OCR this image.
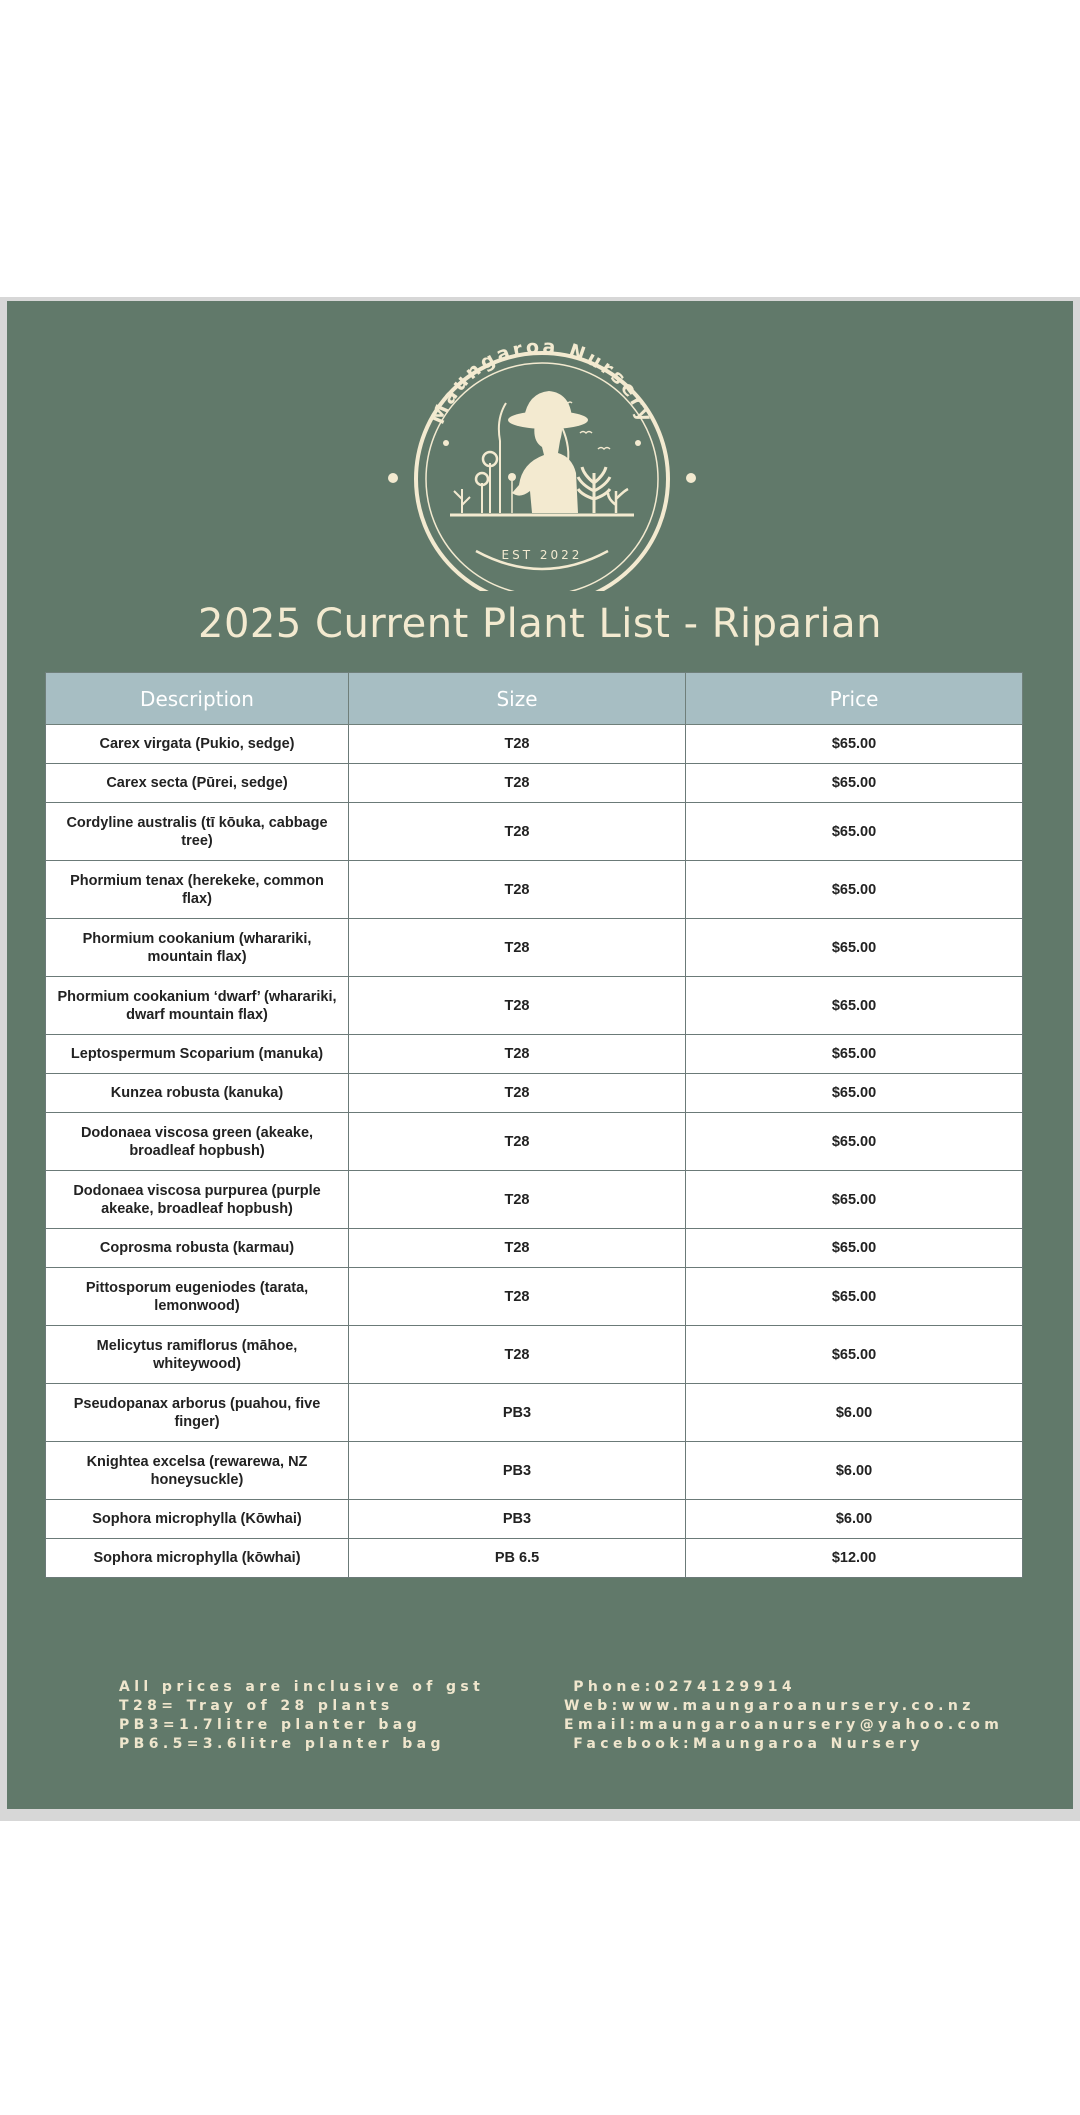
Maungaroa Nursery
EST 2022
2025 Current Plant List - Riparian
Description	Size	Price
Carex virgata (Pukio, sedge)	T28	$65.00
Carex secta (Pūrei, sedge)	T28	$65.00
Cordyline australis (tī kōuka, cabbage tree)	T28	$65.00
Phormium tenax (herekeke, common flax)	T28	$65.00
Phormium cookanium (wharariki, mountain flax)	T28	$65.00
Phormium cookanium ‘dwarf’ (wharariki, dwarf mountain flax)	T28	$65.00
Leptospermum Scoparium (manuka)	T28	$65.00
Kunzea robusta (kanuka)	T28	$65.00
Dodonaea viscosa green (akeake, broadleaf hopbush)	T28	$65.00
Dodonaea viscosa purpurea (purple akeake, broadleaf hopbush)	T28	$65.00
Coprosma robusta (karmau)	T28	$65.00
Pittosporum eugeniodes (tarata, lemonwood)	T28	$65.00
Melicytus ramiflorus (māhoe, whiteywood)	T28	$65.00
Pseudopanax arborus (puahou, five finger)	PB3	$6.00
Knightea excelsa (rewarewa, NZ honeysuckle)	PB3	$6.00
Sophora microphylla (Kōwhai)	PB3	$6.00
Sophora microphylla (kōwhai)	PB 6.5	$12.00
All prices are inclusive of gst
T28= Tray of 28 plants
PB3=1.7litre planter bag
PB6.5=3.6litre planter bag
Phone:0274129914
Web:www.maungaroanursery.co.nz
Email:maungaroanursery@yahoo.com
Facebook:Maungaroa Nursery
